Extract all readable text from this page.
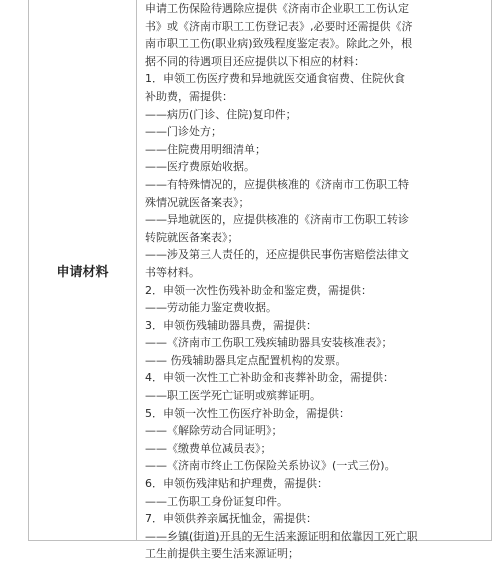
申请材料
申请工伤保险待遇除应提供《济南市企业职工工伤认定
书》或《济南市职工工伤登记表》,必要时还需提供《济
南市职工工伤(职业病)致残程度鉴定表》。除此之外，根
据不同的待遇项目还应提供以下相应的材料：
1．申领工伤医疗费和异地就医交通食宿费、住院伙食
补助费，需提供：
——病历(门诊、住院)复印件；
——门诊处方；
——住院费用明细清单；
——医疗费原始收据。
——有特殊情况的，应提供核准的《济南市工伤职工特
殊情况就医备案表》；
——异地就医的，应提供核准的《济南市工伤职工转诊
转院就医备案表》；
——涉及第三人责任的，还应提供民事伤害赔偿法律文
书等材料。
2．申领一次性伤残补助金和鉴定费，需提供：
——劳动能力鉴定费收据。
3．申领伤残辅助器具费，需提供：
——《济南市工伤职工残疾辅助器具安装核准表》；
—— 伤残辅助器具定点配置机构的发票。
4．申领一次性工亡补助金和丧葬补助金，需提供：
——职工医学死亡证明或殡葬证明。
5．申领一次性工伤医疗补助金，需提供：
——《解除劳动合同证明》；
——《缴费单位减员表》；
——《济南市终止工伤保险关系协议》(一式三份)。
6．申领伤残津贴和护理费，需提供：
——工伤职工身份证复印件。
7．申领供养亲属抚恤金，需提供：
——乡镇(街道)开具的无生活来源证明和依靠因工死亡职
工生前提供主要生活来源证明；
